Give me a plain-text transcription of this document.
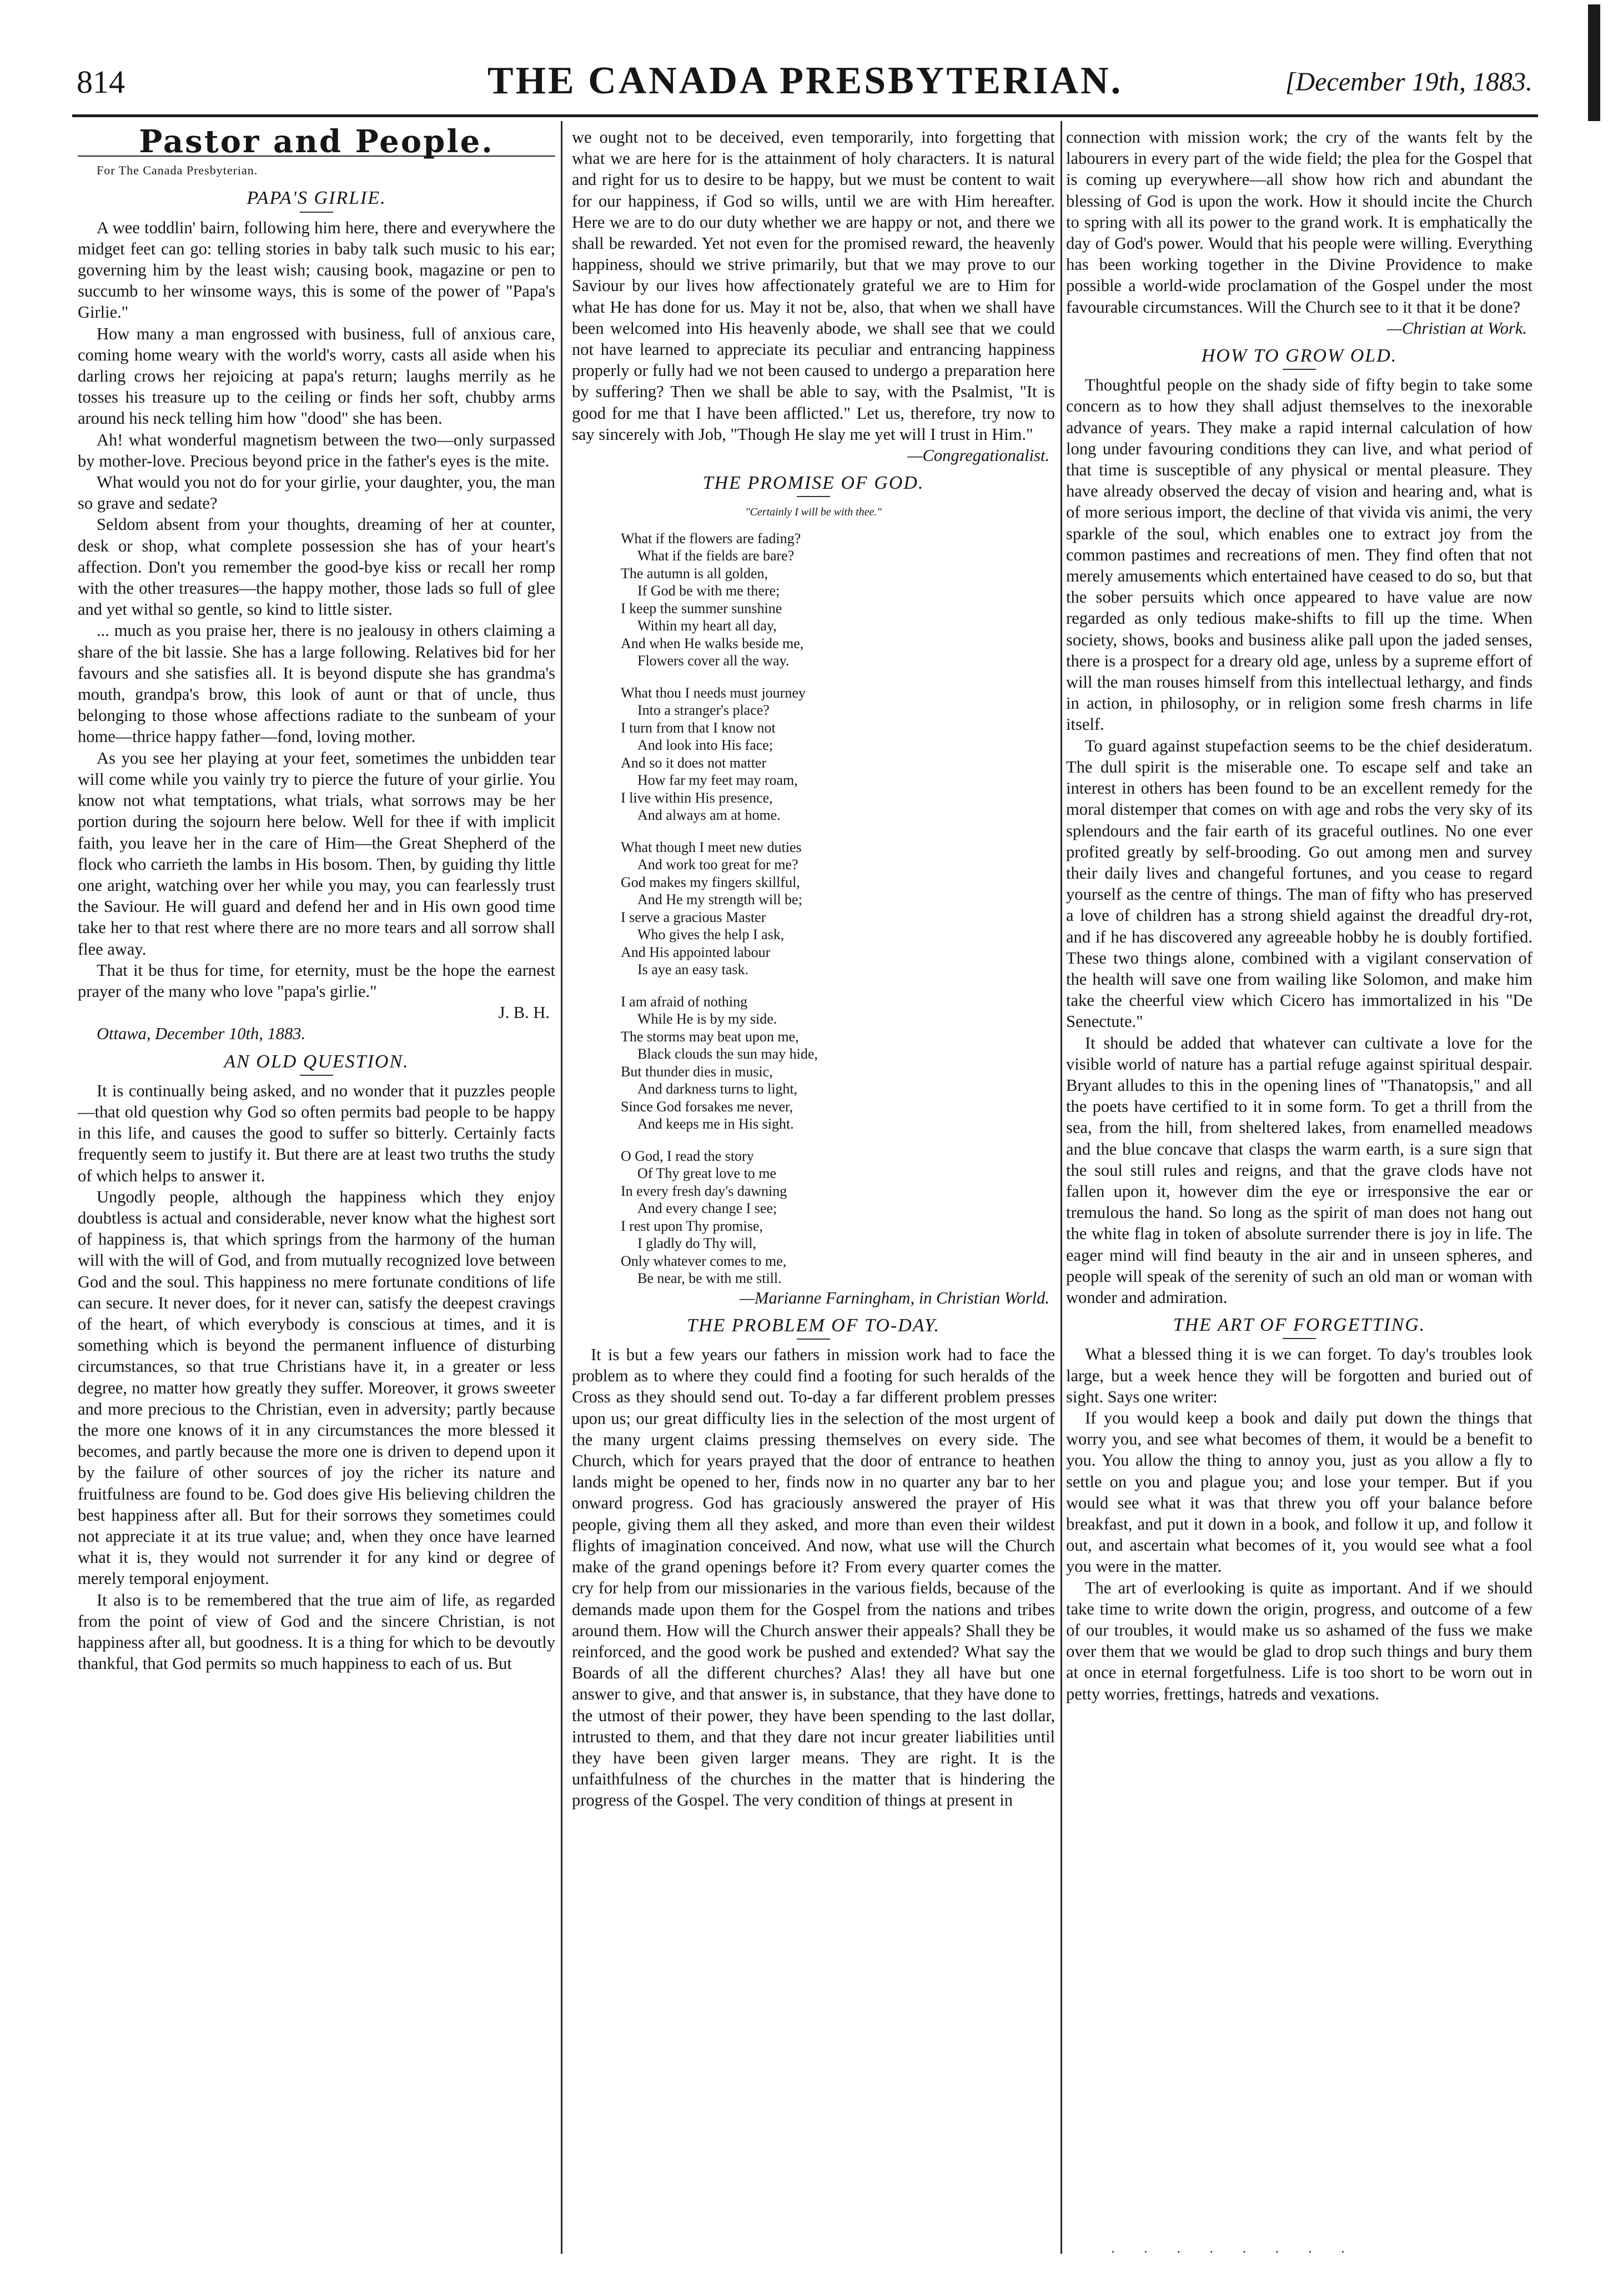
814	THE CANADA PRESBYTERIAN.	[December 19th, 1883.
Pastor and People.

For The Canada Presbyterian.

PAPA'S GIRLIE.

A wee toddlin' bairn, following him here, there and everywhere the midget feet can go: telling stories in baby talk such music to his ear; governing him by the least wish; causing book, magazine or pen to succumb to her winsome ways, this is some of the power of "Papa's Girlie."

How many a man engrossed with business, full of anxious care, coming home weary with the world's worry, casts all aside when his darling crows her rejoicing at papa's return; laughs merrily as he tosses his treasure up to the ceiling or finds her soft, chubby arms around his neck telling him how "dood" she has been.

Ah! what wonderful magnetism between the two—only surpassed by mother-love. Precious beyond price in the father's eyes is the mite.

What would you not do for your girlie, your daughter, you, the man so grave and sedate?

Seldom absent from your thoughts, dreaming of her at counter, desk or shop, what complete possession she has of your heart's affection. Don't you remember the good-bye kiss or recall her romp with the other treasures—the happy mother, those lads so full of glee and yet withal so gentle, so kind to little sister.

... much as you praise her, there is no jealousy in others claiming a share of the bit lassie. She has a large following. Relatives bid for her favours and she satisfies all. It is beyond dispute she has grandma's mouth, grandpa's brow, this look of aunt or that of uncle, thus belonging to those whose affections radiate to the sunbeam of your home—thrice happy father—fond, loving mother.

As you see her playing at your feet, sometimes the unbidden tear will come while you vainly try to pierce the future of your girlie. You know not what temptations, what trials, what sorrows may be her portion during the sojourn here below. Well for thee if with implicit faith, you leave her in the care of Him—the Great Shepherd of the flock who carrieth the lambs in His bosom. Then, by guiding thy little one aright, watching over her while you may, you can fearlessly trust the Saviour. He will guard and defend her and in His own good time take her to that rest where there are no more tears and all sorrow shall flee away.

That it be thus for time, for eternity, must be the hope the earnest prayer of the many who love "papa's girlie."

J. B. H.

Ottawa, December 10th, 1883.

AN OLD QUESTION.

It is continually being asked, and no wonder that it puzzles people—that old question why God so often permits bad people to be happy in this life, and causes the good to suffer so bitterly. Certainly facts frequently seem to justify it. But there are at least two truths the study of which helps to answer it.

Ungodly people, although the happiness which they enjoy doubtless is actual and considerable, never know what the highest sort of happiness is, that which springs from the harmony of the human will with the will of God, and from mutually recognized love between God and the soul. This happiness no mere fortunate conditions of life can secure. It never does, for it never can, satisfy the deepest cravings of the heart, of which everybody is conscious at times, and it is something which is beyond the permanent influence of disturbing circumstances, so that true Christians have it, in a greater or less degree, no matter how greatly they suffer. Moreover, it grows sweeter and more precious to the Christian, even in adversity; partly because the more one knows of it in any circumstances the more blessed it becomes, and partly because the more one is driven to depend upon it by the failure of other sources of joy the richer its nature and fruitfulness are found to be. God does give His believing children the best happiness after all. But for their sorrows they sometimes could not appreciate it at its true value; and, when they once have learned what it is, they would not surrender it for any kind or degree of merely temporal enjoyment.

It also is to be remembered that the true aim of life, as regarded from the point of view of God and the sincere Christian, is not happiness after all, but goodness. It is a thing for which to be devoutly thankful, that God permits so much happiness to each of us. But

we ought not to be deceived, even temporarily, into forgetting that what we are here for is the attainment of holy characters. It is natural and right for us to desire to be happy, but we must be content to wait for our happiness, if God so wills, until we are with Him hereafter. Here we are to do our duty whether we are happy or not, and there we shall be rewarded. Yet not even for the promised reward, the heavenly happiness, should we strive primarily, but that we may prove to our Saviour by our lives how affectionately grateful we are to Him for what He has done for us. May it not be, also, that when we shall have been welcomed into His heavenly abode, we shall see that we could not have learned to appreciate its peculiar and entrancing happiness properly or fully had we not been caused to undergo a preparation here by suffering? Then we shall be able to say, with the Psalmist, "It is good for me that I have been afflicted." Let us, therefore, try now to say sincerely with Job, "Though He slay me yet will I trust in Him."

—Congregationalist.

THE PROMISE OF GOD.
"Certainly I will be with thee."
What if the flowers are fading?
What if the fields are bare?
The autumn is all golden,
If God be with me there;
I keep the summer sunshine
Within my heart all day,
And when He walks beside me,
Flowers cover all the way.
What thou I needs must journey
Into a stranger's place?
I turn from that I know not
And look into His face;
And so it does not matter
How far my feet may roam,
I live within His presence,
And always am at home.
What though I meet new duties
And work too great for me?
God makes my fingers skillful,
And He my strength will be;
I serve a gracious Master
Who gives the help I ask,
And His appointed labour
Is aye an easy task.
I am afraid of nothing
While He is by my side.
The storms may beat upon me,
Black clouds the sun may hide,
But thunder dies in music,
And darkness turns to light,
Since God forsakes me never,
And keeps me in His sight.
O God, I read the story
Of Thy great love to me
In every fresh day's dawning
And every change I see;
I rest upon Thy promise,
I gladly do Thy will,
Only whatever comes to me,
Be near, be with me still.

—Marianne Farningham, in Christian World.

THE PROBLEM OF TO-DAY.

It is but a few years our fathers in mission work had to face the problem as to where they could find a footing for such heralds of the Cross as they should send out. To-day a far different problem presses upon us; our great difficulty lies in the selection of the most urgent of the many urgent claims pressing themselves on every side. The Church, which for years prayed that the door of entrance to heathen lands might be opened to her, finds now in no quarter any bar to her onward progress. God has graciously answered the prayer of His people, giving them all they asked, and more than even their wildest flights of imagination conceived. And now, what use will the Church make of the grand openings before it? From every quarter comes the cry for help from our missionaries in the various fields, because of the demands made upon them for the Gospel from the nations and tribes around them. How will the Church answer their appeals? Shall they be reinforced, and the good work be pushed and extended? What say the Boards of all the different churches? Alas! they all have but one answer to give, and that answer is, in substance, that they have done to the utmost of their power, they have been spending to the last dollar, intrusted to them, and that they dare not incur greater liabilities until they have been given larger means. They are right. It is the unfaithfulness of the churches in the matter that is hindering the progress of the Gospel. The very condition of things at present in

connection with mission work; the cry of the wants felt by the labourers in every part of the wide field; the plea for the Gospel that is coming up everywhere—all show how rich and abundant the blessing of God is upon the work. How it should incite the Church to spring with all its power to the grand work. It is emphatically the day of God's power. Would that his people were willing. Everything has been working together in the Divine Providence to make possible a world-wide proclamation of the Gospel under the most favourable circumstances. Will the Church see to it that it be done?

—Christian at Work.

HOW TO GROW OLD.

Thoughtful people on the shady side of fifty begin to take some concern as to how they shall adjust themselves to the inexorable advance of years. They make a rapid internal calculation of how long under favouring conditions they can live, and what period of that time is susceptible of any physical or mental pleasure. They have already observed the decay of vision and hearing and, what is of more serious import, the decline of that vivida vis animi, the very sparkle of the soul, which enables one to extract joy from the common pastimes and recreations of men. They find often that not merely amusements which entertained have ceased to do so, but that the sober persuits which once appeared to have value are now regarded as only tedious make-shifts to fill up the time. When society, shows, books and business alike pall upon the jaded senses, there is a prospect for a dreary old age, unless by a supreme effort of will the man rouses himself from this intellectual lethargy, and finds in action, in philosophy, or in religion some fresh charms in life itself.

To guard against stupefaction seems to be the chief desideratum. The dull spirit is the miserable one. To escape self and take an interest in others has been found to be an excellent remedy for the moral distemper that comes on with age and robs the very sky of its splendours and the fair earth of its graceful outlines. No one ever profited greatly by self-brooding. Go out among men and survey their daily lives and changeful fortunes, and you cease to regard yourself as the centre of things. The man of fifty who has preserved a love of children has a strong shield against the dreadful dry-rot, and if he has discovered any agreeable hobby he is doubly fortified. These two things alone, combined with a vigilant conservation of the health will save one from wailing like Solomon, and make him take the cheerful view which Cicero has immortalized in his "De Senectute."

It should be added that whatever can cultivate a love for the visible world of nature has a partial refuge against spiritual despair. Bryant alludes to this in the opening lines of "Thanatopsis," and all the poets have certified to it in some form. To get a thrill from the sea, from the hill, from sheltered lakes, from enamelled meadows and the blue concave that clasps the warm earth, is a sure sign that the soul still rules and reigns, and that the grave clods have not fallen upon it, however dim the eye or irresponsive the ear or tremulous the hand. So long as the spirit of man does not hang out the white flag in token of absolute surrender there is joy in life. The eager mind will find beauty in the air and in unseen spheres, and people will speak of the serenity of such an old man or woman with wonder and admiration.

THE ART OF FORGETTING.

What a blessed thing it is we can forget. To day's troubles look large, but a week hence they will be forgotten and buried out of sight. Says one writer:

If you would keep a book and daily put down the things that worry you, and see what becomes of them, it would be a benefit to you. You allow the thing to annoy you, just as you allow a fly to settle on you and plague you; and lose your temper. But if you would see what it was that threw you off your balance before breakfast, and put it down in a book, and follow it up, and follow it out, and ascertain what becomes of it, you would see what a fool you were in the matter.

The art of everlooking is quite as important. And if we should take time to write down the origin, progress, and outcome of a few of our troubles, it would make us so ashamed of the fuss we make over them that we would be glad to drop such things and bury them at once in eternal forgetfulness. Life is too short to be worn out in petty worries, frettings, hatreds and vexations.

· · · · · · · ·
